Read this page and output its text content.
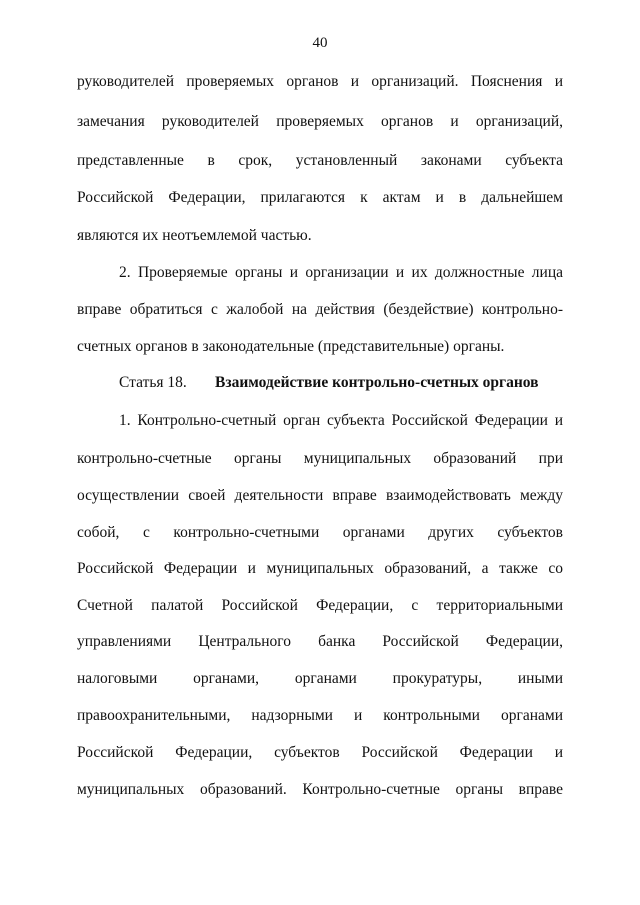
40
руководителей проверяемых органов и организаций. Пояснения и
замечания руководителей проверяемых органов и организаций,
представленные в срок, установленный законами субъекта
Российской Федерации, прилагаются к актам и в дальнейшем
являются их неотъемлемой частью.
2. Проверяемые органы и организации и их должностные лица
вправе обратиться с жалобой на действия (бездействие) контрольно-
счетных органов в законодательные (представительные) органы.
Статья 18. Взаимодействие контрольно-счетных органов
1. Контрольно-счетный орган субъекта Российской Федерации и
контрольно-счетные органы муниципальных образований при
осуществлении своей деятельности вправе взаимодействовать между
собой, с контрольно-счетными органами других субъектов
Российской Федерации и муниципальных образований, а также со
Счетной палатой Российской Федерации, с территориальными
управлениями Центрального банка Российской Федерации,
налоговыми органами, органами прокуратуры, иными
правоохранительными, надзорными и контрольными органами
Российской Федерации, субъектов Российской Федерации и
муниципальных образований. Контрольно-счетные органы вправе
